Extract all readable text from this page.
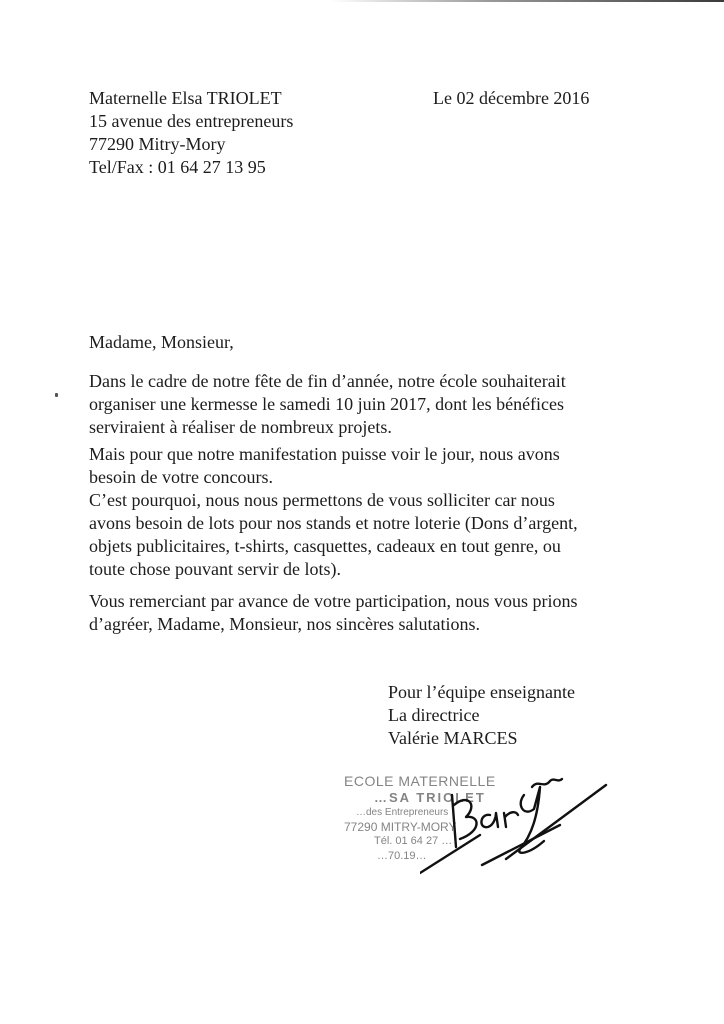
Maternelle Elsa TRIOLET
15 avenue des entrepreneurs
77290 Mitry-Mory
Tel/Fax : 01 64 27 13 95
Le 02 décembre 2016
Madame, Monsieur,
Dans le cadre de notre fête de fin d’année, notre école souhaiterait
organiser une kermesse le samedi 10 juin 2017, dont les bénéfices
serviraient à réaliser de nombreux projets.
Mais pour que notre manifestation puisse voir le jour, nous avons
besoin de votre concours.
C’est pourquoi, nous nous permettons de vous solliciter car nous
avons besoin de lots pour nos stands et notre loterie (Dons d’argent,
objets publicitaires, t-shirts, casquettes, cadeaux en tout genre, ou
toute chose pouvant servir de lots).
Vous remerciant par avance de votre participation, nous vous prions
d’agréer, Madame, Monsieur, nos sincères salutations.
Pour l’équipe enseignante
La directrice
Valérie MARCES
ECOLE MATERNELLE
…SA TRIOLET
…des Entrepreneurs
77290 MITRY-MORY
Tél. 01 64 27 …
…70.19…
